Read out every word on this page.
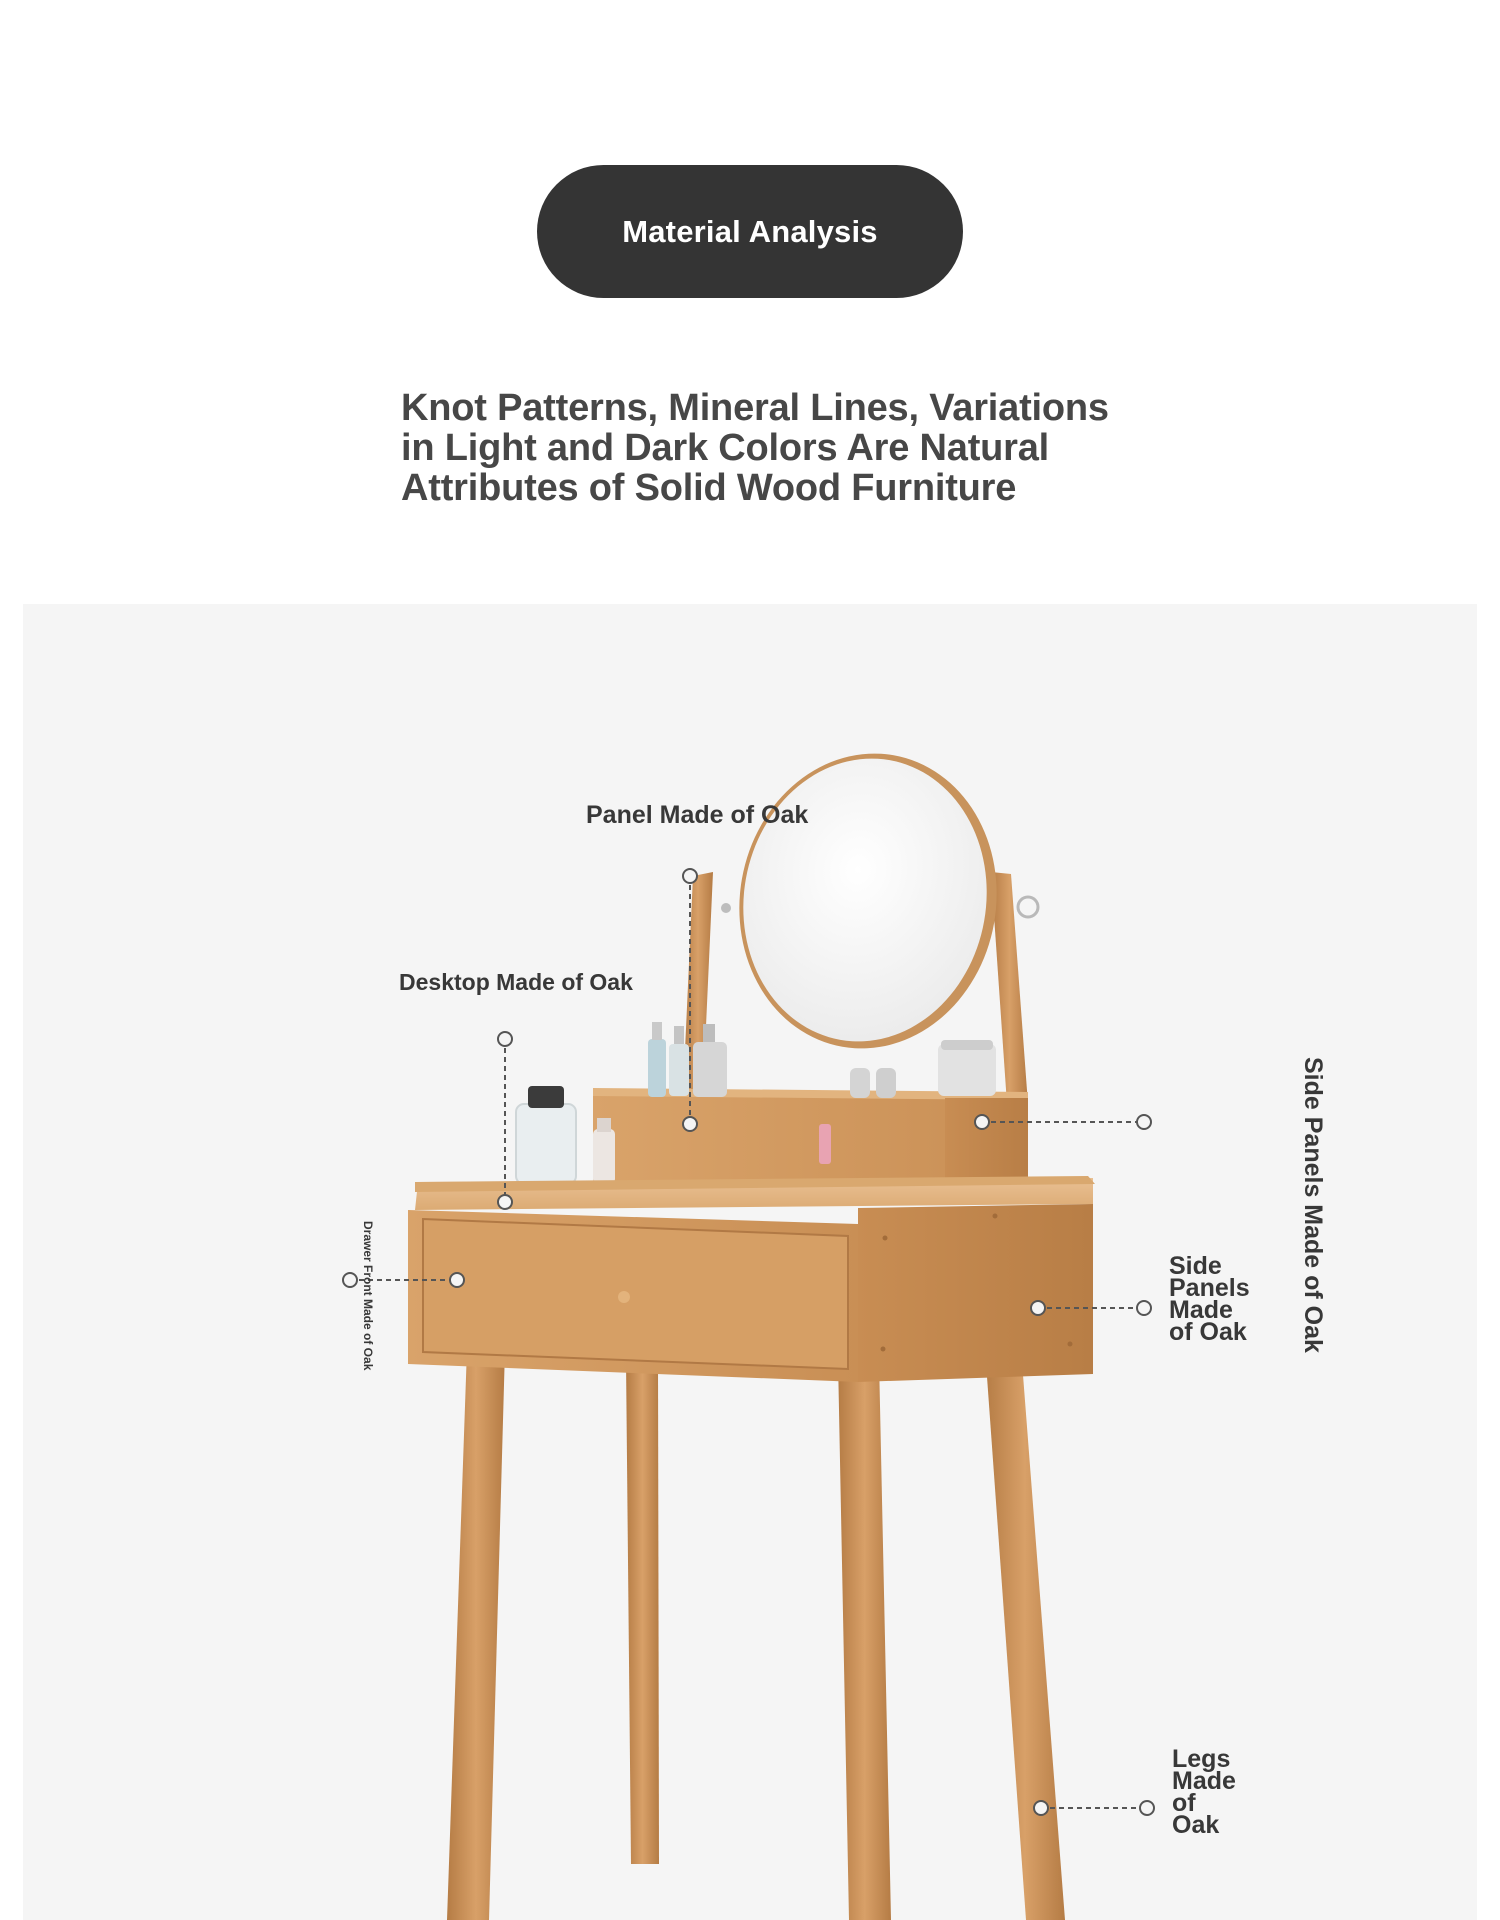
Material Analysis
Knot Patterns, Mineral Lines, Variations
in Light and Dark Colors Are Natural
Attributes of Solid Wood Furniture
Panel Made of Oak
Desktop Made of Oak
Drawer Front Made of Oak	Side Panels Made of Oak
Side
Panels
Made
of Oak
Legs
Made
of
Oak
